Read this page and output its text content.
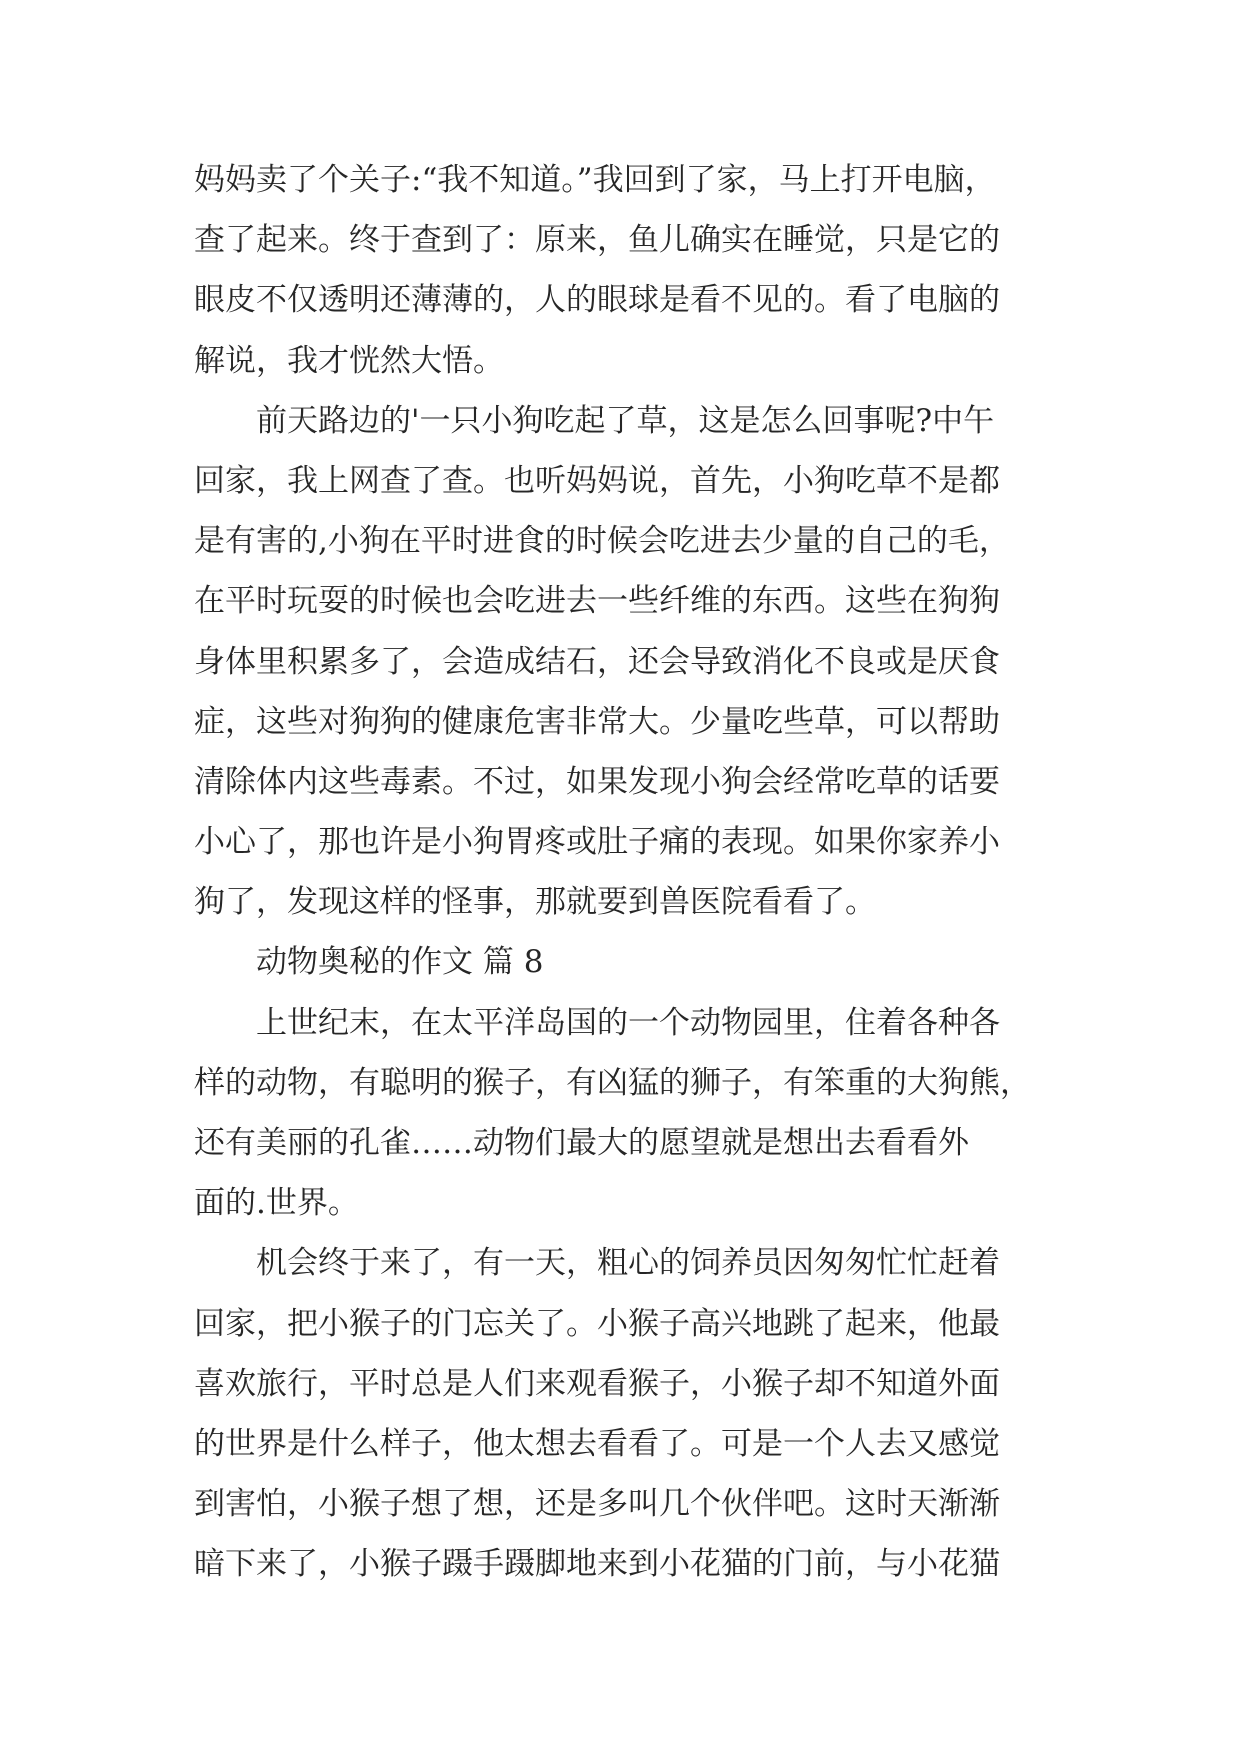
妈妈卖了个关子:“我不知道。”我回到了家，马上打开电脑，
查了起来。终于查到了：原来，鱼儿确实在睡觉，只是它的
眼皮不仅透明还薄薄的，人的眼球是看不见的。看了电脑的
解说，我才恍然大悟。
　　前天路边的'一只小狗吃起了草，这是怎么回事呢?中午
回家，我上网查了查。也听妈妈说，首先，小狗吃草不是都
是有害的,小狗在平时进食的时候会吃进去少量的自己的毛，
在平时玩耍的时候也会吃进去一些纤维的东西。这些在狗狗
身体里积累多了，会造成结石，还会导致消化不良或是厌食
症，这些对狗狗的健康危害非常大。少量吃些草，可以帮助
清除体内这些毒素。不过，如果发现小狗会经常吃草的话要
小心了，那也许是小狗胃疼或肚子痛的表现。如果你家养小
狗了，发现这样的怪事，那就要到兽医院看看了。
　　动物奥秘的作文 篇 8
　　上世纪末，在太平洋岛国的一个动物园里，住着各种各
样的动物，有聪明的猴子，有凶猛的狮子，有笨重的大狗熊，
还有美丽的孔雀……动物们最大的愿望就是想出去看看外
面的.世界。
　　机会终于来了，有一天，粗心的饲养员因匆匆忙忙赶着
回家，把小猴子的门忘关了。小猴子高兴地跳了起来，他最
喜欢旅行，平时总是人们来观看猴子，小猴子却不知道外面
的世界是什么样子，他太想去看看了。可是一个人去又感觉
到害怕，小猴子想了想，还是多叫几个伙伴吧。这时天渐渐
暗下来了，小猴子蹑手蹑脚地来到小花猫的门前，与小花猫
